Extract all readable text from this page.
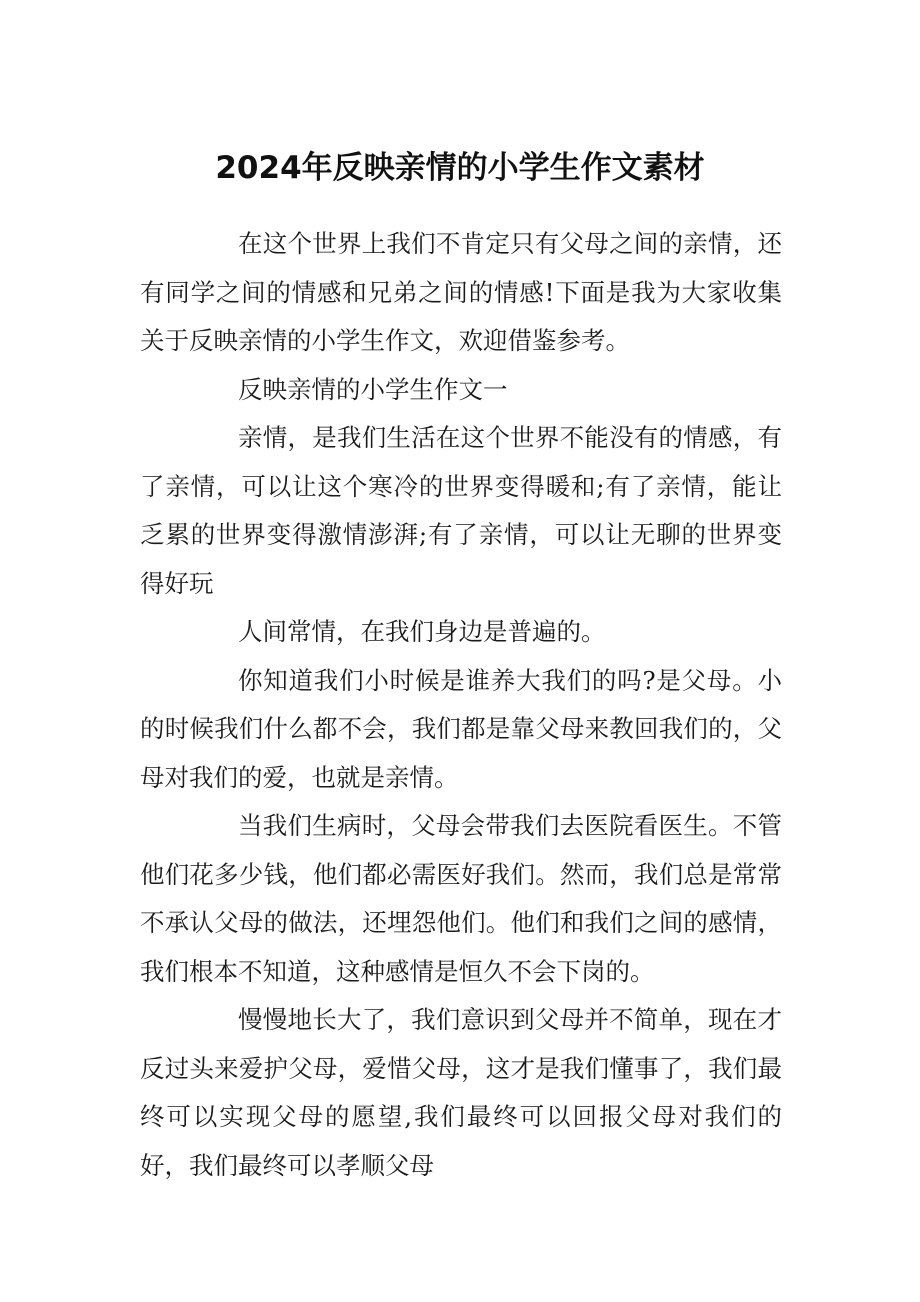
2024年反映亲情的小学生作文素材

在这个世界上我们不肯定只有父母之间的亲情，还有同学之间的情感和兄弟之间的情感!下面是我为大家收集关于反映亲情的小学生作文，欢迎借鉴参考。

反映亲情的小学生作文一

亲情，是我们生活在这个世界不能没有的情感，有了亲情，可以让这个寒冷的世界变得暖和;有了亲情，能让乏累的世界变得激情澎湃;有了亲情，可以让无聊的世界变得好玩

人间常情，在我们身边是普遍的。

你知道我们小时候是谁养大我们的吗?是父母。小的时候我们什么都不会，我们都是靠父母来教回我们的，父母对我们的爱，也就是亲情。

当我们生病时，父母会带我们去医院看医生。不管他们花多少钱，他们都必需医好我们。然而，我们总是常常不承认父母的做法，还埋怨他们。他们和我们之间的感情，我们根本不知道，这种感情是恒久不会下岗的。

慢慢地长大了，我们意识到父母并不简单，现在才反过头来爱护父母，爱惜父母，这才是我们懂事了，我们最终可以实现父母的愿望,我们最终可以回报父母对我们的好，我们最终可以孝顺父母
